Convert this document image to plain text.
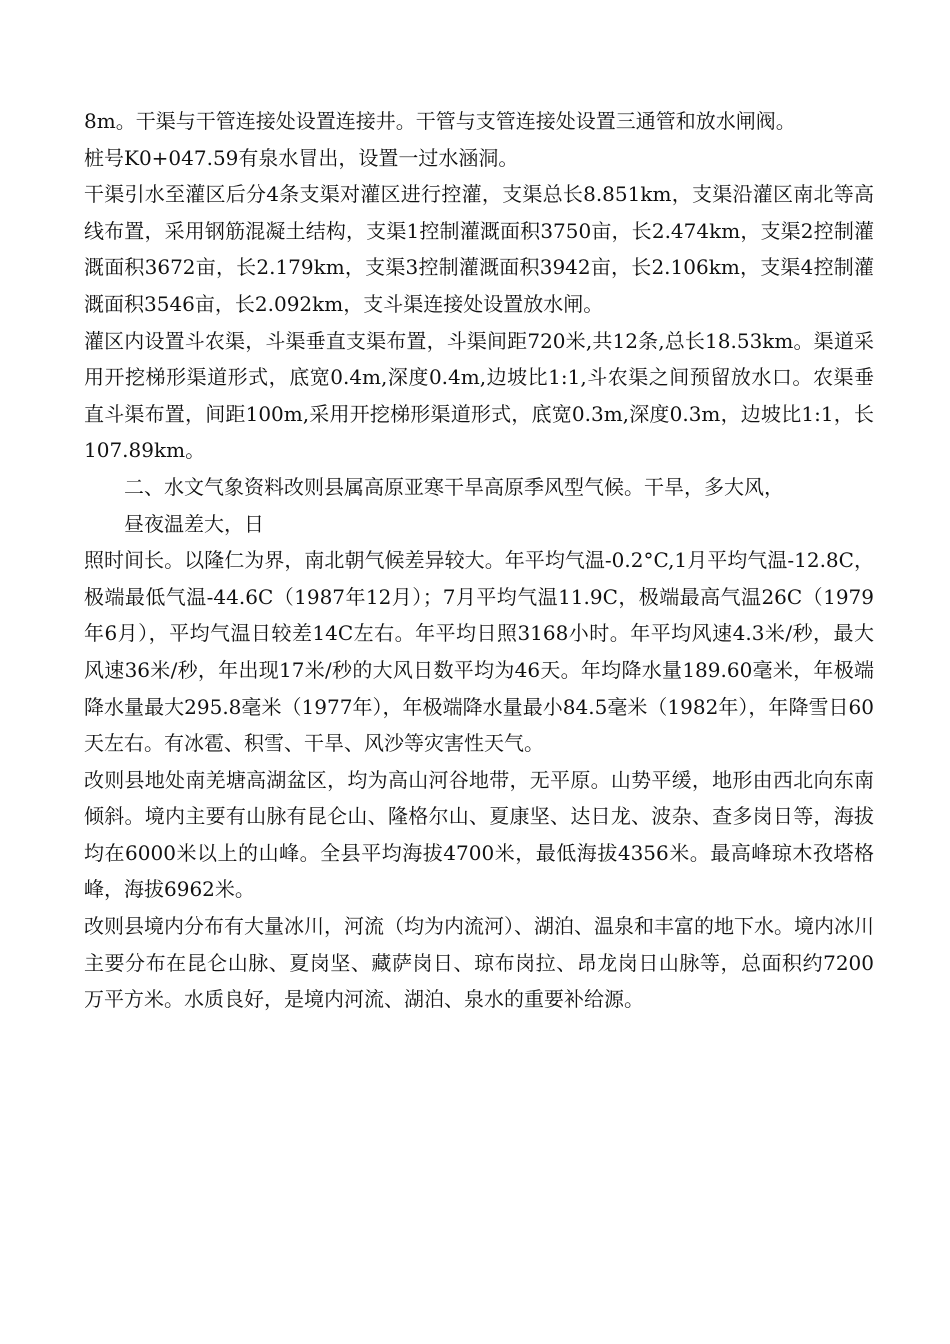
8m。干渠与干管连接处设置连接井。干管与支管连接处设置三通管和放水闸阀。

桩号K0+047.59有泉水冒出，设置一过水涵洞。

干渠引水至灌区后分4条支渠对灌区进行控灌，支渠总长8.851km，支渠沿灌区南北等高线布置，采用钢筋混凝土结构，支渠1控制灌溉面积3750亩，长2.474km，支渠2控制灌溉面积3672亩，长2.179km，支渠3控制灌溉面积3942亩，长2.106km，支渠4控制灌溉面积3546亩，长2.092km，支斗渠连接处设置放水闸。

灌区内设置斗农渠，斗渠垂直支渠布置，斗渠间距720米,共12条,总长18.53km。渠道采用开挖梯形渠道形式，底宽0.4m,深度0.4m,边坡比1:1,斗农渠之间预留放水口。农渠垂直斗渠布置，间距100m,采用开挖梯形渠道形式，底宽0.3m,深度0.3m，边坡比1:1，长107.89km。

二、水文气象资料改则县属高原亚寒干旱高原季风型气候。干旱，多大风，

昼夜温差大，日

照时间长。以隆仁为界，南北朝气候差异较大。年平均气温-0.2°C,1月平均气温-12.8C，极端最低气温-44.6C（1987年12月）；7月平均气温11.9C，极端最高气温26C（1979年6月），平均气温日较差14C左右。年平均日照3168小时。年平均风速4.3米/秒，最大风速36米/秒，年出现17米/秒的大风日数平均为46天。年均降水量189.60毫米，年极端降水量最大295.8毫米（1977年），年极端降水量最小84.5毫米（1982年），年降雪日60天左右。有冰雹、积雪、干旱、风沙等灾害性天气。

改则县地处南羌塘高湖盆区，均为高山河谷地带，无平原。山势平缓，地形由西北向东南倾斜。境内主要有山脉有昆仑山、隆格尔山、夏康坚、达日龙、波杂、查多岗日等，海拔均在6000米以上的山峰。全县平均海拔4700米，最低海拔4356米。最高峰琼木孜塔格峰，海拔6962米。

改则县境内分布有大量冰川，河流（均为内流河）、湖泊、温泉和丰富的地下水。境内冰川主要分布在昆仑山脉、夏岗坚、藏萨岗日、琼布岗拉、昂龙岗日山脉等，总面积约7200万平方米。水质良好，是境内河流、湖泊、泉水的重要补给源。
